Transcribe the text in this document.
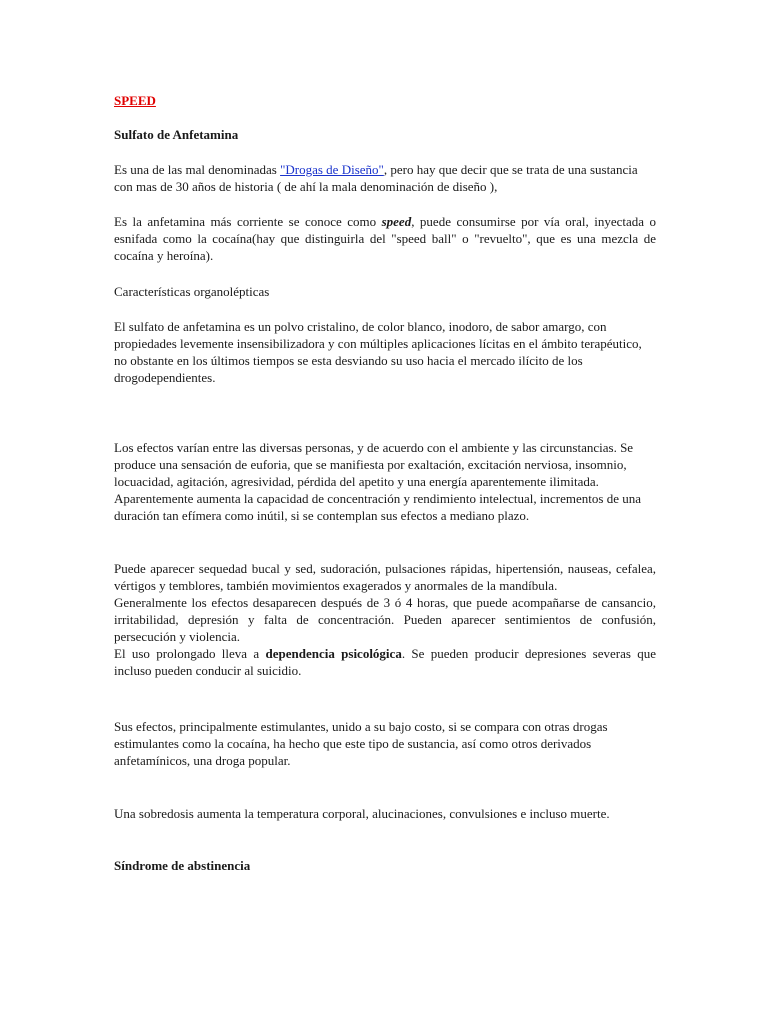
SPEED

Sulfato de Anfetamina

Es una de las mal denominadas "Drogas de Diseño", pero hay que decir que se trata de una sustancia con mas de 30 años de historia ( de ahí la mala denominación de diseño ),

Es la anfetamina más corriente se conoce como speed, puede consumirse por vía oral, inyectada o esnifada como la cocaína(hay que distinguirla del "speed ball" o "revuelto", que es una mezcla de cocaína y heroína).

Características organolépticas

El sulfato de anfetamina es un polvo cristalino, de color blanco, inodoro, de sabor amargo, con propiedades levemente insensibilizadora y con múltiples aplicaciones lícitas en el ámbito terapéutico, no obstante en los últimos tiempos se esta desviando su uso hacia el mercado ilícito de los drogodependientes.

Los efectos varían entre las diversas personas, y de acuerdo con el ambiente y las circunstancias. Se produce una sensación de euforia, que se manifiesta por exaltación, excitación nerviosa, insomnio, locuacidad, agitación, agresividad, pérdida del apetito y una energía aparentemente ilimitada. Aparentemente aumenta la capacidad de concentración y rendimiento intelectual, incrementos de una duración tan efímera como inútil, si se contemplan sus efectos a mediano plazo.

Puede aparecer sequedad bucal y sed, sudoración, pulsaciones rápidas, hipertensión, nauseas, cefalea, vértigos y temblores, también movimientos exagerados y anormales de la mandíbula.
Generalmente los efectos desaparecen después de 3 ó 4 horas, que puede acompañarse de cansancio, irritabilidad, depresión y falta de concentración. Pueden aparecer sentimientos de confusión, persecución y violencia.
El uso prolongado lleva a dependencia psicológica. Se pueden producir depresiones severas que incluso pueden conducir al suicidio.

Sus efectos, principalmente estimulantes, unido a su bajo costo, si se compara con otras drogas estimulantes como la cocaína, ha hecho que este tipo de sustancia, así como otros derivados anfetamínicos, una droga popular.

Una sobredosis aumenta la temperatura corporal, alucinaciones, convulsiones e incluso muerte.

Síndrome de abstinencia
